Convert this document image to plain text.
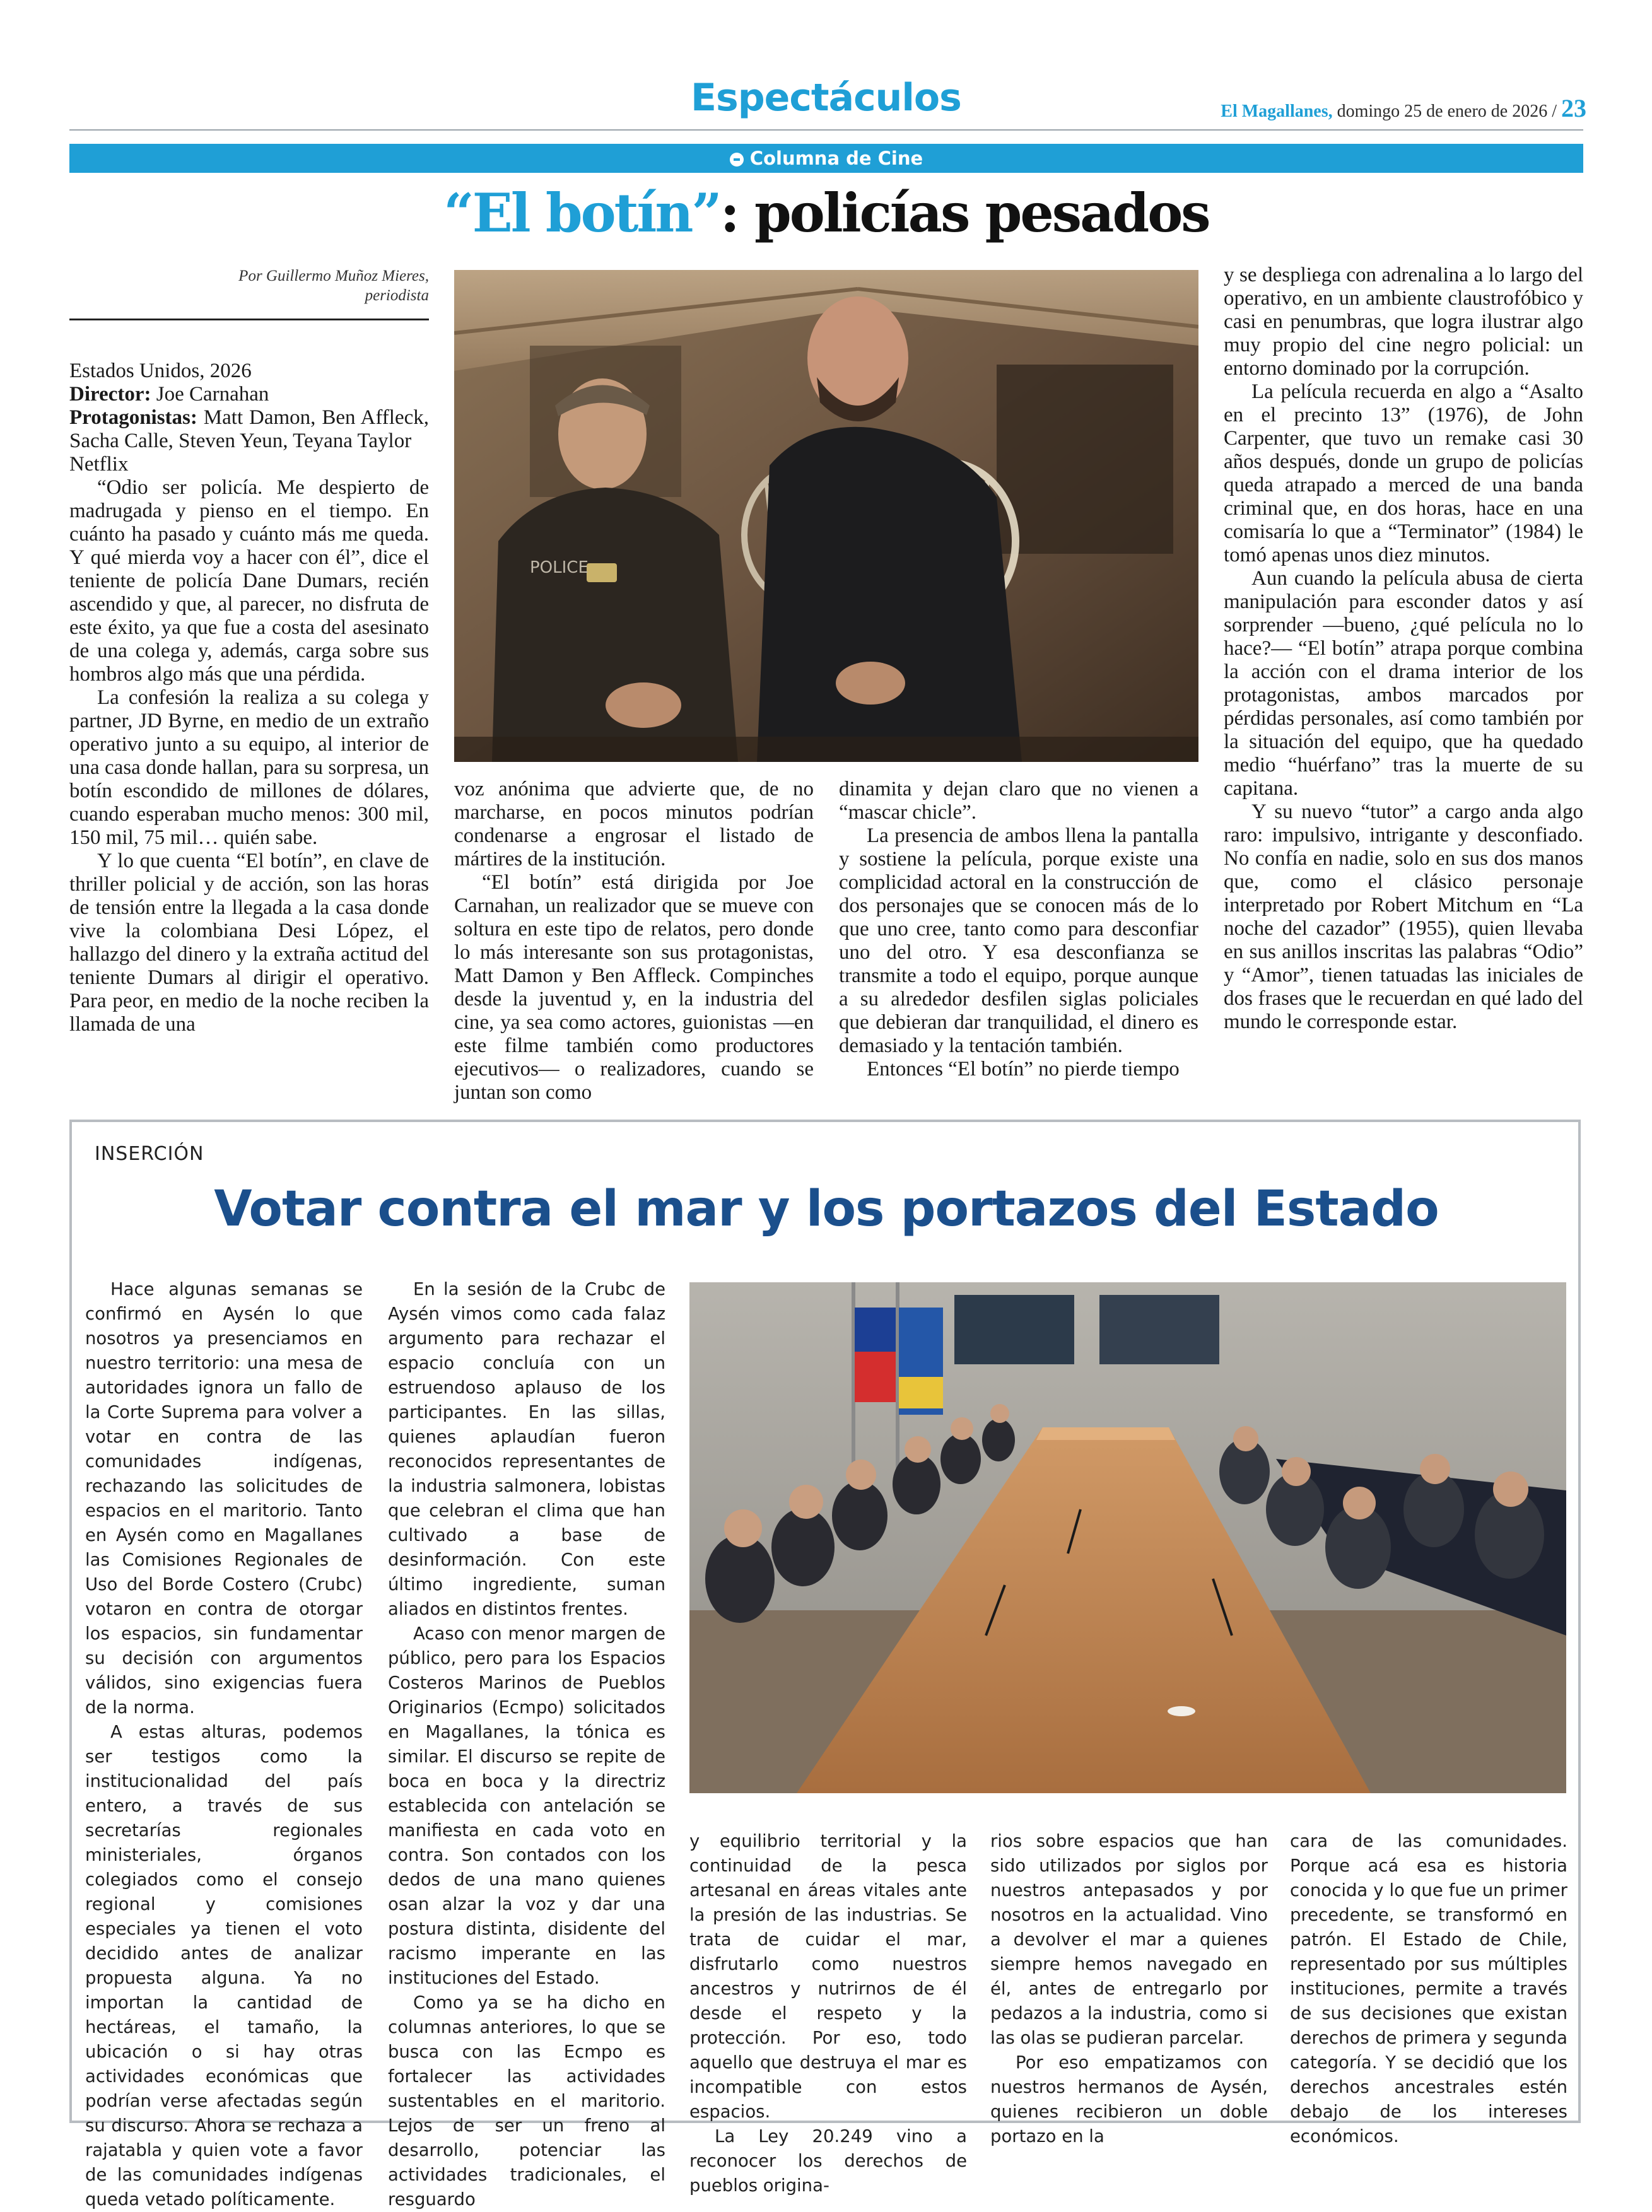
Espectáculos	El Magallanes, domingo 25 de enero de 2026 / 23
Columna de Cine
“El botín”: policías pesados
Por Guillermo Muñoz Mieres,
periodista

Estados Unidos, 2026

Director: Joe Carnahan

Protagonistas: Matt Damon, Ben Affleck, Sacha Calle, Steven Yeun, Teyana Taylor

Netflix

“Odio ser policía. Me despierto de madrugada y pienso en el tiempo. En cuánto ha pasado y cuánto más me queda. Y qué mierda voy a hacer con él”, dice el teniente de policía Dane Dumars, recién ascendido y que, al parecer, no disfruta de este éxito, ya que fue a costa del asesinato de una colega y, además, carga sobre sus hombros algo más que una pérdida.

La confesión la realiza a su colega y partner, JD Byrne, en medio de un extraño operativo junto a su equipo, al interior de una casa donde hallan, para su sorpresa, un botín escondido de millones de dólares, cuando esperaban mucho menos: 300 mil, 150 mil, 75 mil… quién sabe.

Y lo que cuenta “El botín”, en clave de thriller policial y de acción, son las horas de tensión entre la llegada a la casa donde vive la colombiana Desi López, el hallazgo del dinero y la extraña actitud del teniente Dumars al dirigir el operativo. Para peor, en medio de la noche reciben la llamada de una

POLICE

voz anónima que advierte que, de no marcharse, en pocos minutos podrían condenarse a engrosar el listado de mártires de la institución.

“El botín” está dirigida por Joe Carnahan, un realizador que se mueve con soltura en este tipo de relatos, pero donde lo más interesante son sus protagonistas, Matt Damon y Ben Affleck. Compinches desde la juventud y, en la industria del cine, ya sea como actores, guionistas —en este filme también como productores ejecutivos— o realizadores, cuando se juntan son como

dinamita y dejan claro que no vienen a “mascar chicle”.

La presencia de ambos llena la pantalla y sostiene la película, porque existe una complicidad actoral en la construcción de dos personajes que se conocen más de lo que uno cree, tanto como para desconfiar uno del otro. Y esa desconfianza se transmite a todo el equipo, porque aunque a su alrededor desfilen siglas policiales que debieran dar tranquilidad, el dinero es demasiado y la tentación también.

Entonces “El botín” no pierde tiempo

y se despliega con adrenalina a lo largo del operativo, en un ambiente claustrofóbico y casi en penumbras, que logra ilustrar algo muy propio del cine negro policial: un entorno dominado por la corrupción.

La película recuerda en algo a “Asalto en el precinto 13” (1976), de John Carpenter, que tuvo un remake casi 30 años después, donde un grupo de policías queda atrapado a merced de una banda criminal que, en dos horas, hace en una comisaría lo que a “Terminator” (1984) le tomó apenas unos diez minutos.

Aun cuando la película abusa de cierta manipulación para esconder datos y así sorprender —bueno, ¿qué película no lo hace?— “El botín” atrapa porque combina la acción con el drama interior de los protagonistas, ambos marcados por pérdidas personales, así como también por la situación del equipo, que ha quedado medio “huérfano” tras la muerte de su capitana.

Y su nuevo “tutor” a cargo anda algo raro: impulsivo, intrigante y desconfiado. No confía en nadie, solo en sus dos manos que, como el clásico personaje interpretado por Robert Mitchum en “La noche del cazador” (1955), quien llevaba en sus anillos inscritas las palabras “Odio” y “Amor”, tienen tatuadas las iniciales de dos frases que le recuerdan en qué lado del mundo le corresponde estar.

INSERCIÓN
Votar contra el mar y los portazos del Estado

Hace algunas semanas se confirmó en Aysén lo que nosotros ya presenciamos en nuestro territorio: una mesa de autoridades ignora un fallo de la Corte Suprema para volver a votar en contra de las comunidades indígenas, rechazando las solicitudes de espacios en el maritorio. Tanto en Aysén como en Magallanes las Comisiones Regionales de Uso del Borde Costero (Crubc) votaron en contra de otorgar los espacios, sin fundamentar su decisión con argumentos válidos, sino exigencias fuera de la norma.

A estas alturas, podemos ser testigos como la institucionalidad del país entero, a través de sus secretarías regionales ministeriales, órganos colegiados como el consejo regional y comisiones especiales ya tienen el voto decidido antes de analizar propuesta alguna. Ya no importan la cantidad de hectáreas, el tamaño, la ubicación o si hay otras actividades económicas que podrían verse afectadas según su discurso. Ahora se rechaza a rajatabla y quien vote a favor de las comunidades indígenas queda vetado políticamente.

En la sesión de la Crubc de Aysén vimos como cada falaz argumento para rechazar el espacio concluía con un estruendoso aplauso de los participantes. En las sillas, quienes aplaudían fueron reconocidos representantes de la industria salmonera, lobistas que celebran el clima que han cultivado a base de desinformación. Con este último ingrediente, suman aliados en distintos frentes.

Acaso con menor margen de público, pero para los Espacios Costeros Marinos de Pueblos Originarios (Ecmpo) solicitados en Magallanes, la tónica es similar. El discurso se repite de boca en boca y la directriz establecida con antelación se manifiesta en cada voto en contra. Son contados con los dedos de una mano quienes osan alzar la voz y dar una postura distinta, disidente del racismo imperante en las instituciones del Estado.

Como ya se ha dicho en columnas anteriores, lo que se busca con las Ecmpo es fortalecer las actividades sustentables en el maritorio. Lejos de ser un freno al desarrollo, potenciar las actividades tradicionales, el resguardo

y equilibrio territorial y la continuidad de la pesca artesanal en áreas vitales ante la presión de las industrias. Se trata de cuidar el mar, disfrutarlo como nuestros ancestros y nutrirnos de él desde el respeto y la protección. Por eso, todo aquello que destruya el mar es incompatible con estos espacios.

La Ley 20.249 vino a reconocer los derechos de pueblos origina-

rios sobre espacios que han sido utilizados por siglos por nuestros antepasados y por nosotros en la actualidad. Vino a devolver el mar a quienes siempre hemos navegado en él, antes de entregarlo por pedazos a la industria, como si las olas se pudieran parcelar.

Por eso empatizamos con nuestros hermanos de Aysén, quienes recibieron un doble portazo en la

cara de las comunidades. Porque acá esa es historia conocida y lo que fue un primer precedente, se transformó en patrón. El Estado de Chile, representado por sus múltiples instituciones, permite a través de sus decisiones que existan derechos de primera y segunda categoría. Y se decidió que los derechos ancestrales estén debajo de los intereses económicos.
